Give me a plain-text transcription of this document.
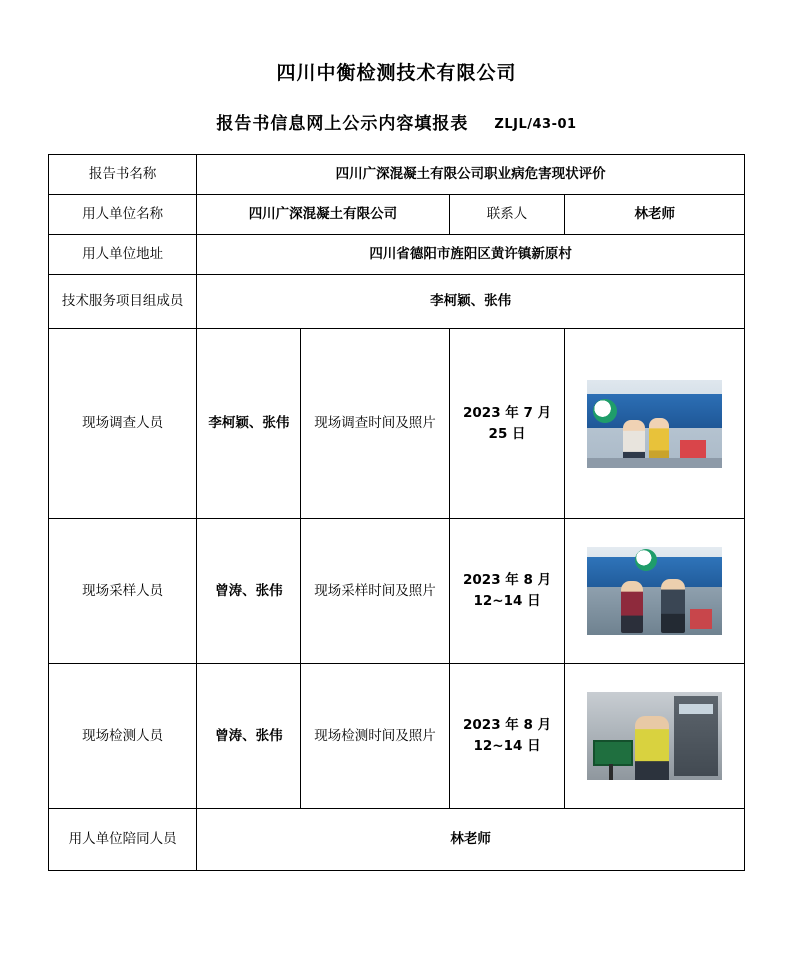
四川中衡检测技术有限公司
报告书信息网上公示内容填报表 ZLJL/43-01
报告书名称	四川广深混凝土有限公司职业病危害现状评价			
用人单位名称	四川广深混凝土有限公司		联系人	林老师
用人单位地址	四川省德阳市旌阳区黄许镇新原村			
技术服务项目组成员	李柯颖、张伟			
现场调查人员	李柯颖、张伟	现场调查时间及照片	2023 年 7 月 25 日	

现场采样人员	曾涛、张伟	现场采样时间及照片	2023 年 8 月 12~14 日	

现场检测人员	曾涛、张伟	现场检测时间及照片	2023 年 8 月 12~14 日	

用人单位陪同人员	林老师			
